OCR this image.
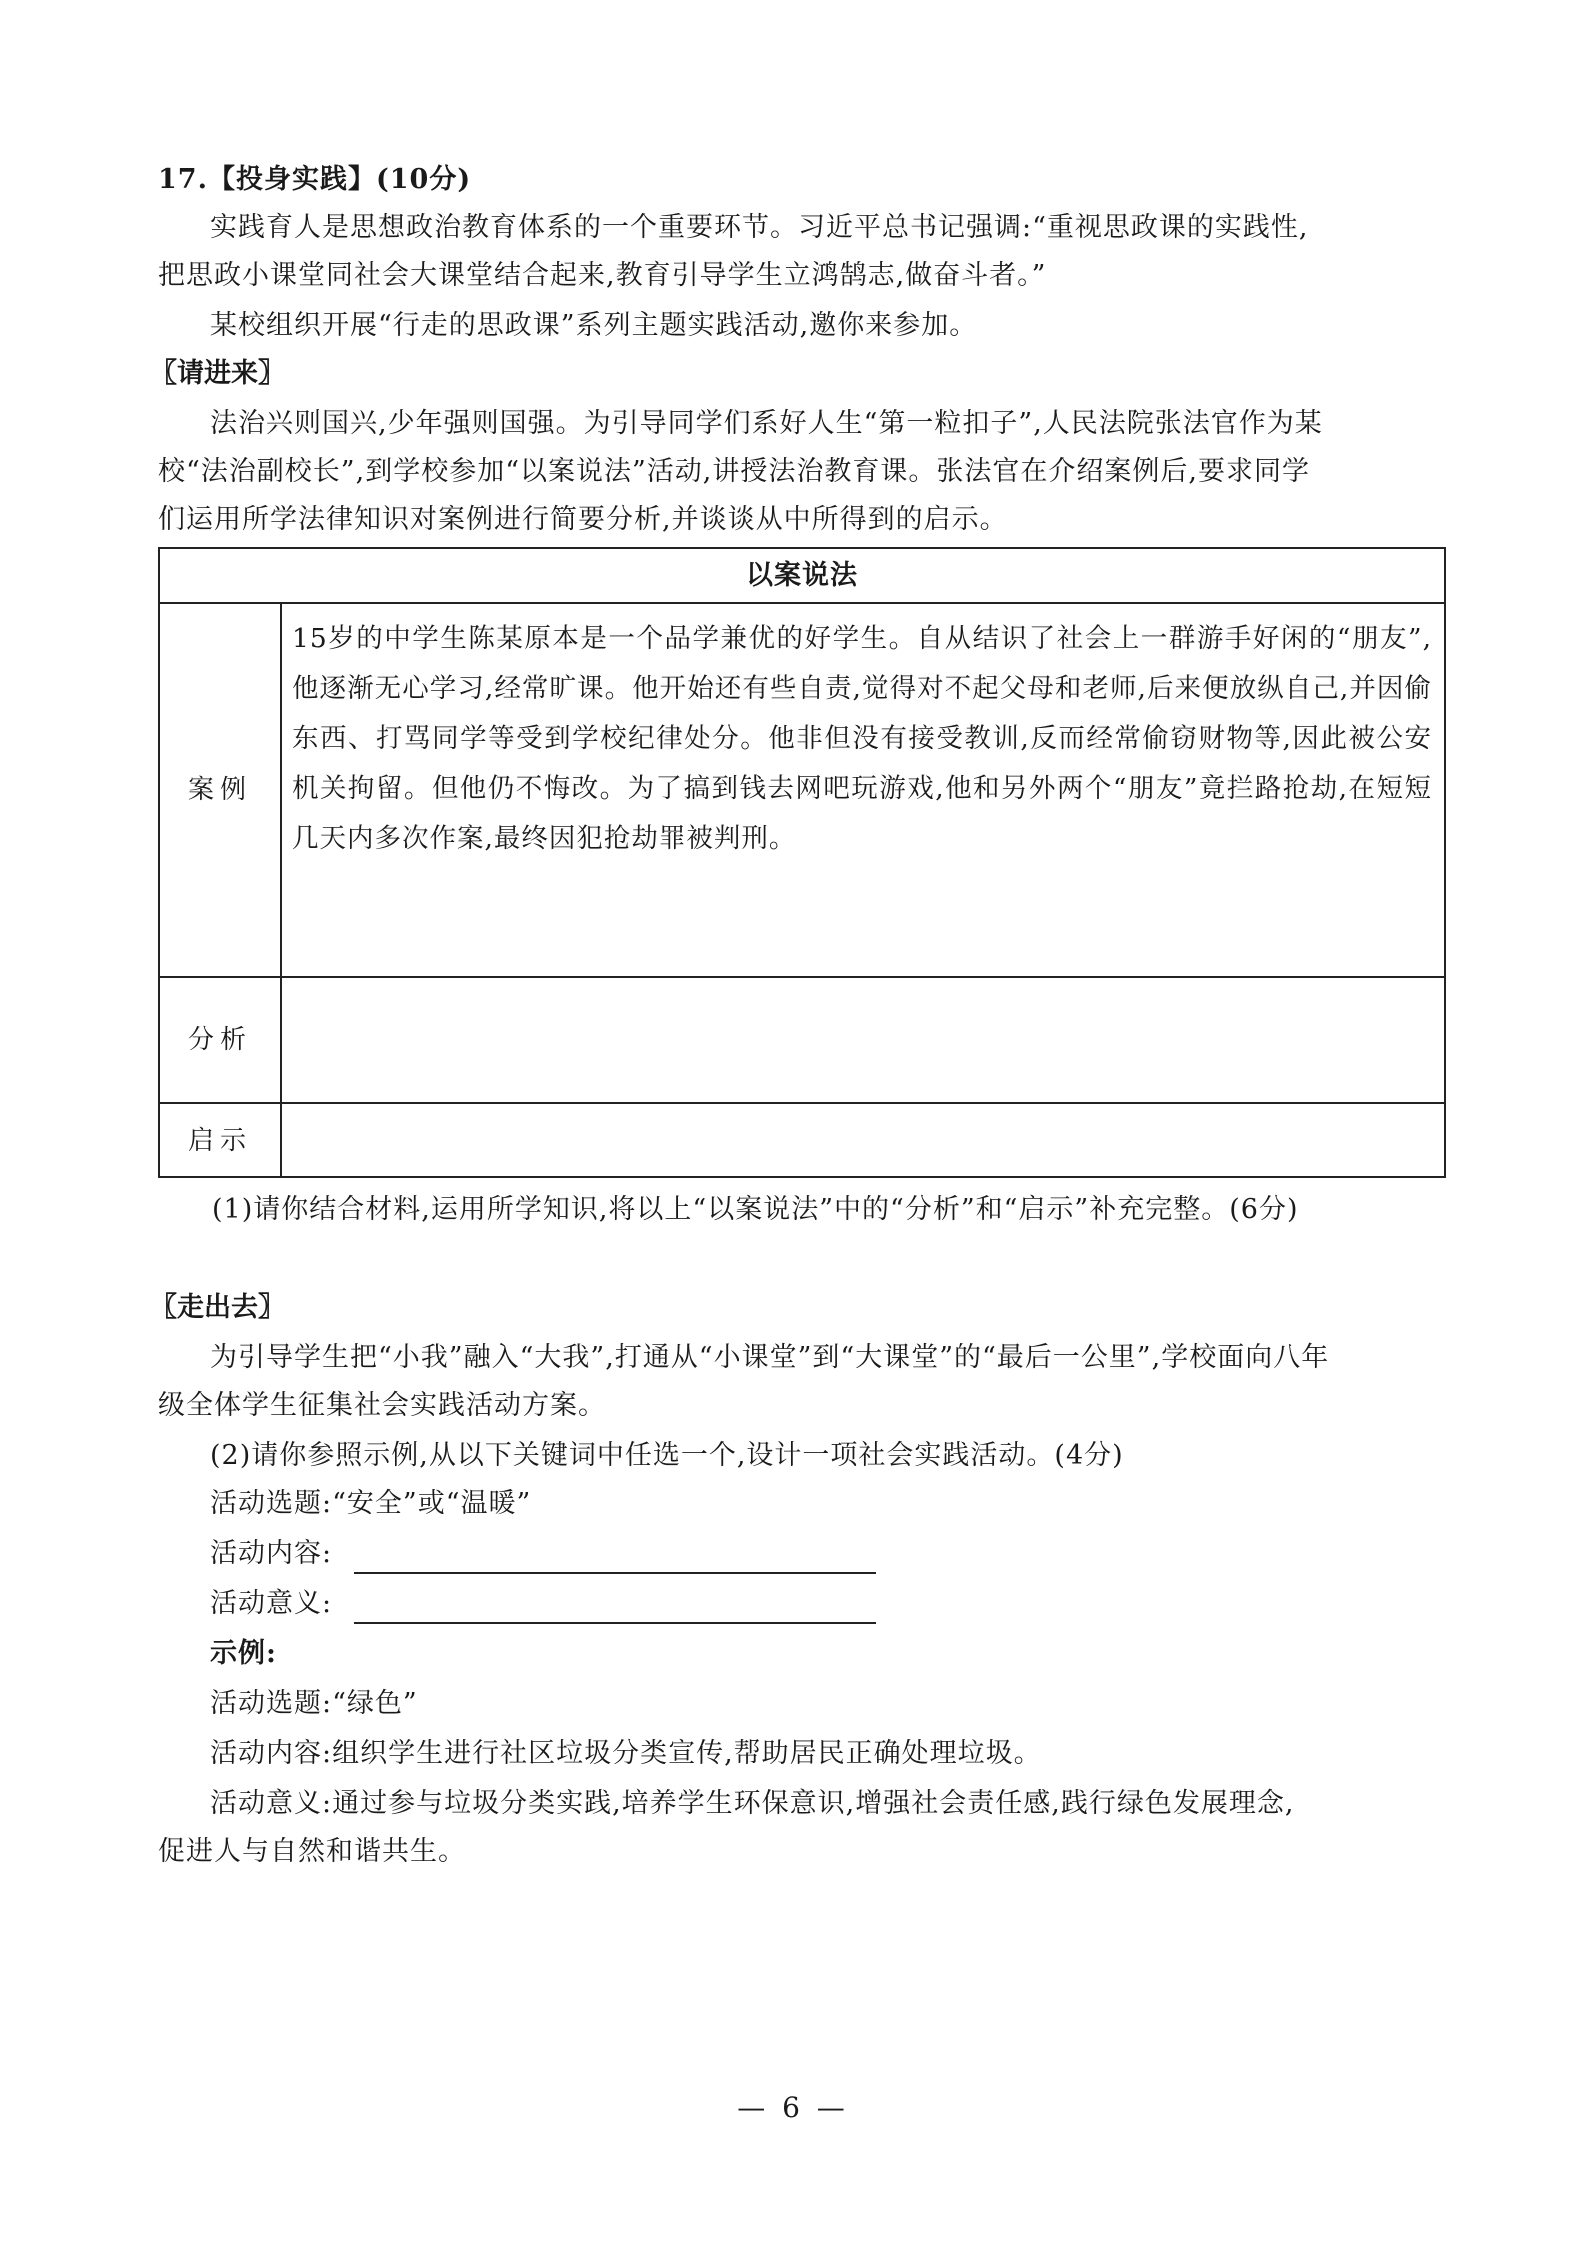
17.【投身实践】(10分)
实践育人是思想政治教育体系的一个重要环节。习近平总书记强调:“重视思政课的实践性,
把思政小课堂同社会大课堂结合起来,教育引导学生立鸿鹄志,做奋斗者。”
某校组织开展“行走的思政课”系列主题实践活动,邀你来参加。
〖请进来〗
法治兴则国兴,少年强则国强。为引导同学们系好人生“第一粒扣子”,人民法院张法官作为某
校“法治副校长”,到学校参加“以案说法”活动,讲授法治教育课。张法官在介绍案例后,要求同学
们运用所学法律知识对案例进行简要分析,并谈谈从中所得到的启示。
以案说法
案例
15岁的中学生陈某原本是一个品学兼优的好学生。自从结识了社会上一群游手好闲的“朋友”,他逐渐无心学习,经常旷课。他开始还有些自责,觉得对不起父母和老师,后来便放纵自己,并因偷东西、打骂同学等受到学校纪律处分。他非但没有接受教训,反而经常偷窃财物等,因此被公安机关拘留。但他仍不悔改。为了搞到钱去网吧玩游戏,他和另外两个“朋友”竟拦路抢劫,在短短几天内多次作案,最终因犯抢劫罪被判刑。
分析
启示
(1)请你结合材料,运用所学知识,将以上“以案说法”中的“分析”和“启示”补充完整。(6分)
〖走出去〗
为引导学生把“小我”融入“大我”,打通从“小课堂”到“大课堂”的“最后一公里”,学校面向八年
级全体学生征集社会实践活动方案。
(2)请你参照示例,从以下关键词中任选一个,设计一项社会实践活动。(4分)
活动选题:“安全”或“温暖”
活动内容:
活动意义:
示例:
活动选题:“绿色”
活动内容:组织学生进行社区垃圾分类宣传,帮助居民正确处理垃圾。
活动意义:通过参与垃圾分类实践,培养学生环保意识,增强社会责任感,践行绿色发展理念,
促进人与自然和谐共生。
— 6 —
